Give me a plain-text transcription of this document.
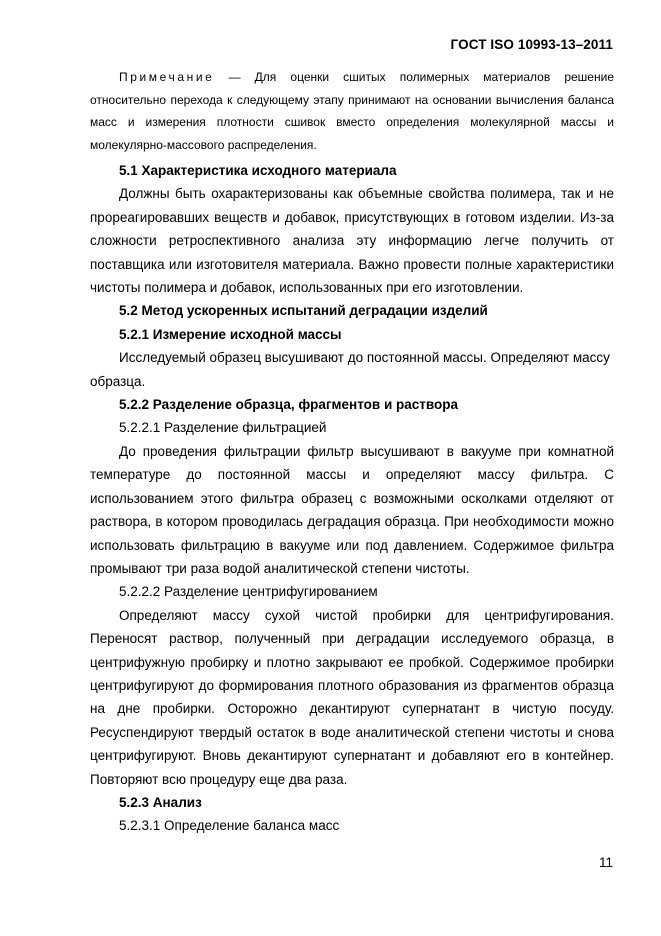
ГОСТ ISO 10993-13–2011

Примечание — Для оценки сшитых полимерных материалов решение относительно перехода к следующему этапу принимают на основании вычисления баланса масс и измерения плотности сшивок вместо определения молекулярной массы и молекулярно-массового распределения.

5.1 Характеристика исходного материала

Должны быть охарактеризованы как объемные свойства полимера, так и не прореагировавших веществ и добавок, присутствующих в готовом изделии. Из-за сложности ретроспективного анализа эту информацию легче получить от поставщика или изготовителя материала. Важно провести полные характеристики чистоты полимера и добавок, использованных при его изготовлении.

5.2 Метод ускоренных испытаний деградации изделий

5.2.1 Измерение исходной массы

Исследуемый образец высушивают до постоянной массы. Определяют массу образца.

5.2.2 Разделение образца, фрагментов и раствора

5.2.2.1 Разделение фильтрацией

До проведения фильтрации фильтр высушивают в вакууме при комнатной температуре до постоянной массы и определяют массу фильтра. С использованием этого фильтра образец с возможными осколками отделяют от раствора, в котором проводилась деградация образца. При необходимости можно использовать фильтрацию в вакууме или под давлением. Содержимое фильтра промывают три раза водой аналитической степени чистоты.

5.2.2.2 Разделение центрифугированием

Определяют массу сухой чистой пробирки для центрифугирования. Переносят раствор, полученный при деградации исследуемого образца, в центрифужную пробирку и плотно закрывают ее пробкой. Содержимое пробирки центрифугируют до формирования плотного образования из фрагментов образца на дне пробирки. Осторожно декантируют супернатант в чистую посуду. Ресуспендируют твердый остаток в воде аналитической степени чистоты и снова центрифугируют. Вновь декантируют супернатант и добавляют его в контейнер. Повторяют всю процедуру еще два раза.

5.2.3 Анализ

5.2.3.1 Определение баланса масс

11
